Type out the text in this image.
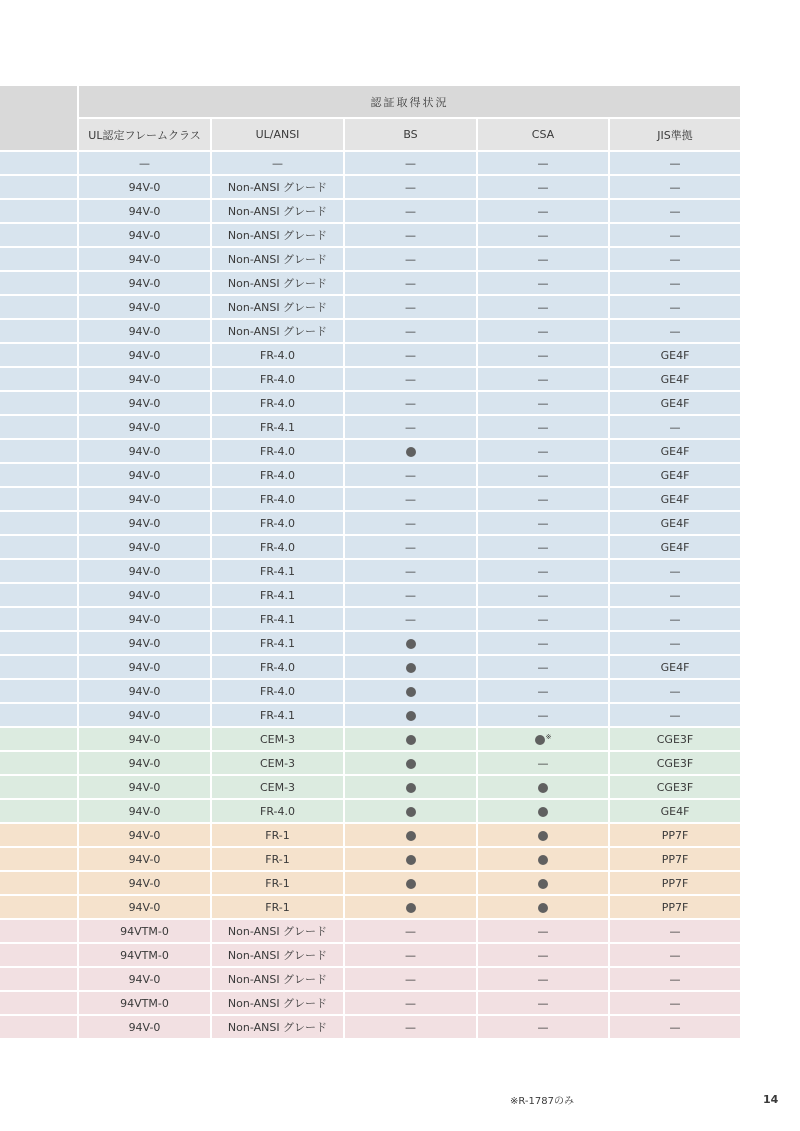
	認証取得状況				
	UL認定フレームクラス	UL/ANSI	BS	CSA	JIS準拠
	—	—	—	—	—
	94V-0	Non-ANSI グレード	—	—	—
	94V-0	Non-ANSI グレード	—	—	—
	94V-0	Non-ANSI グレード	—	—	—
	94V-0	Non-ANSI グレード	—	—	—
	94V-0	Non-ANSI グレード	—	—	—
	94V-0	Non-ANSI グレード	—	—	—
	94V-0	Non-ANSI グレード	—	—	—
	94V-0	FR-4.0	—	—	GE4F
	94V-0	FR-4.0	—	—	GE4F
	94V-0	FR-4.0	—	—	GE4F
	94V-0	FR-4.1	—	—	—
	94V-0	FR-4.0		—	GE4F
	94V-0	FR-4.0	—	—	GE4F
	94V-0	FR-4.0	—	—	GE4F
	94V-0	FR-4.0	—	—	GE4F
	94V-0	FR-4.0	—	—	GE4F
	94V-0	FR-4.1	—	—	—
	94V-0	FR-4.1	—	—	—
	94V-0	FR-4.1	—	—	—
	94V-0	FR-4.1		—	—
	94V-0	FR-4.0		—	GE4F
	94V-0	FR-4.0		—	—
	94V-0	FR-4.1		—	—
	94V-0	CEM-3		※	CGE3F
	94V-0	CEM-3		—	CGE3F
	94V-0	CEM-3			CGE3F
	94V-0	FR-4.0			GE4F
	94V-0	FR-1			PP7F
	94V-0	FR-1			PP7F
	94V-0	FR-1			PP7F
	94V-0	FR-1			PP7F
	94VTM-0	Non-ANSI グレード	—	—	—
	94VTM-0	Non-ANSI グレード	—	—	—
	94V-0	Non-ANSI グレード	—	—	—
	94VTM-0	Non-ANSI グレード	—	—	—
	94V-0	Non-ANSI グレード	—	—	—
※R-1787のみ	14
